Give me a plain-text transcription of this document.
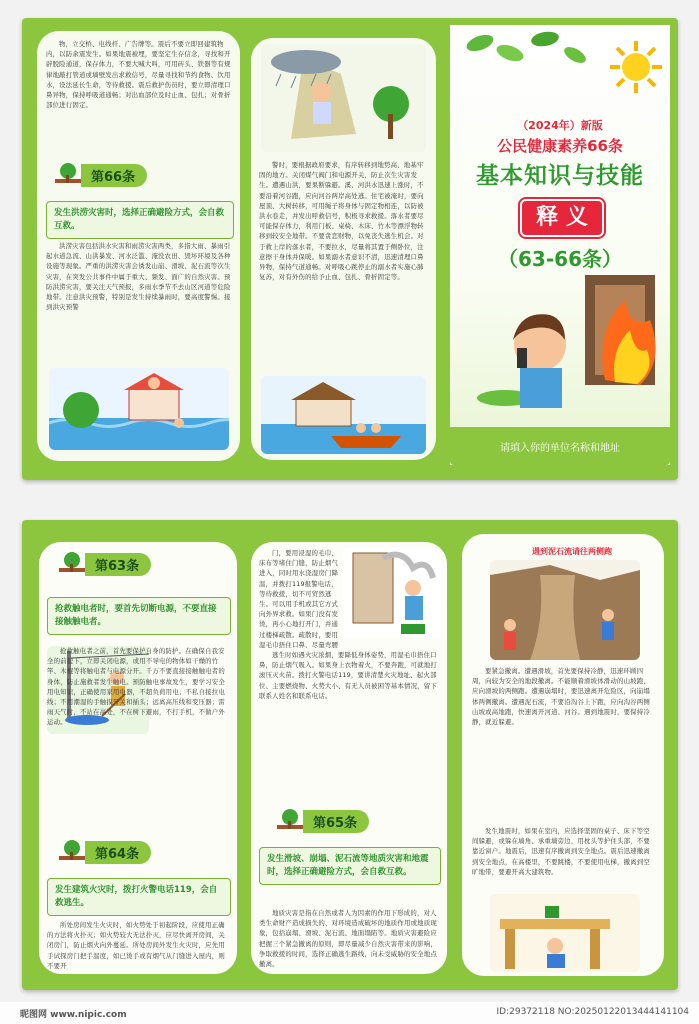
物，立交桥、电线杆、广告牌等。震后不要立即回建筑物内，以防余震发生。如果地震被埋，要坚定生存信念，寻找和开辟脱险通道，保存体力，不要大喊大叫，可用砖头、铁器等有规律地敲打管道或墙壁发出求救信号，尽量寻找和节约食物、饮用水，设法延长生命，等待救援。震后救护伤员时，要立即清理口鼻异物，保持呼吸道通畅；对出血部位及时止血、包扎；对骨折部位进行固定。
第66条
发生洪涝灾害时，选择正确避险方式，会自救互救。
洪涝灾害包括洪水灾害和雨涝灾害两类，多指大雨、暴雨引起水道急流、山洪暴发、河水泛滥、淹没农田、毁坏环境及各种设施等现象。严重的洪涝灾害会诱发山崩、滑坡、泥石流等次生灾害，在突发公共事件中属于重大、频发、面广的自然灾害。预防洪涝灾害，要关注天气预报，多雨水季节不去山区河道等危险地带。注意洪灾预警，特别是发生持续暴雨时，要高度警惕。接到洪灾预警
警时，要根据政府要求，有序转移到地势高、地基牢固的地方。关闭煤气阀门和电源开关，防止次生灾害发生。遭遇山洪，要果断躲避。溪、河洪水迅速上涨时，不要沿着河谷跑，应向河谷两岸高处逃。住宅被淹时，要向屋顶、大树转移，可用绳子将身体与固定物相连，以防被洪水卷走，并发出呼救信号，积极寻求救援。落水者要尽可能保存体力，利用门板、桌椅、木床、竹木等漂浮物转移到较安全地带。不要贪恋财物，以免丧失逃生机会。对于救上岸的落水者，不要拉水，尽量将其置于侧卧位，注意擦干身体并保暖。如果溺水者意识不清，迅速清理口鼻异物，保持气道通畅。对呼吸心跳停止的溺水者实施心肺复苏，对有外伤的给予止血、包扎、骨折固定等。
（2024年）新版
公民健康素养66条
基本知识与技能
释 义
（63-66条）
请填入你的单位名称和地址
第63条
抢救触电者时，要首先切断电源，不要直接接触触电者。
抢救触电者之前，首先要保护自身的防护。在确保自我安全的前提下，立即关闭电源，或用不导电的物体如干燥的竹竿、木棍等将触电者与电源分开。千万不要直接接触触电者的身体，防止施救者发生触电。预防触电事故发生，要学习安全用电知识，正确使用家用电器，不超负荷用电；不私自接拉电线；不用潮湿的手触摸开关和插头；远离高压线和变压器；雷雨天气时，不站在高处，不在树下避雨，不打手机，不做户外运动。
第64条
发生建筑火灾时，拨打火警电话119，会自救逃生。
所处房间发生火灾时，如火势处于初起阶段，应使用正确的方法将火扑灭；如火势较大无法扑灭，应尽快离开房间，关闭房门，防止烟火向外蔓延。所处房间外发生火灾时，应先用手试探房门把手温度，如已烫手或有烟气从门缝进入屋内，则不要开
门，要用浸湿的毛巾、床布等堵住门缝，防止烟气进入，同时用水浇湿房门降温，并拨打119报警电话，等待救援，切不可贸然逃生。可以用手机或其它方式向外界求救。如果门没有发烫，再小心地打开门，并通过楼梯疏散。疏散时，要用湿毛巾捂住口鼻，尽量弯腰
逃生时如遇火灾浓烟，要降低身体姿势，用湿毛巾捂住口鼻，防止烟气吸入。如果身上衣物着火，不要奔跑，可就地打滚压灭火苗。拨打火警电话119，要讲清楚火灾地址、起火部位、主要燃烧物、火势大小、有无人员被困等基本情况，留下联系人姓名和联系电话。
第65条
发生滑坡、崩塌、泥石流等地质灾害和地震时，选择正确避险方式，会自救互救。
地质灾害是指在自然或者人为因素的作用下形成的，对人类生命财产造成损失的、对环境造成破坏的地质作用或地质现象，包括崩塌、滑坡、泥石流、地面塌陷等。地质灾害避险应把握三个紧急撤离的原则，即尽量减少自然灾害带来的影响，争取救援的时间，选择正确逃生路线，向未受威胁的安全地点撤离。
遇到泥石流请往两侧跑
要紧急撤离。遭遇滑坡，首先要保持冷静，迅速环顾四周，向较为安全的地段撤离。不能顺着滑坡体滑动的山坡跑，应向滑坡的两侧跑。遭遇崩塌时，要迅速离开危险区，向崩塌体两侧撤离。遭遇泥石流，不要沿沟谷上下跑，应向沟谷两侧山坡或高地跑，快速离开河道、河谷。遇到地震时，要保持冷静，就近躲避。
发生地震时，如果在室内，应选择坚固的桌子、床下等空间躲避，或躲在墙角、承重墙旁边，用枕头等护住头部，不要靠近窗户。地震后，迅速有序撤离到安全地点。震后迅速撤离到安全地点，在高楼里，不要跳楼，不要使用电梯，撤离到空旷地带，要避开高大建筑物。
昵图网 www.nipic.com	ID:29372118 NO:20250122013444141104
